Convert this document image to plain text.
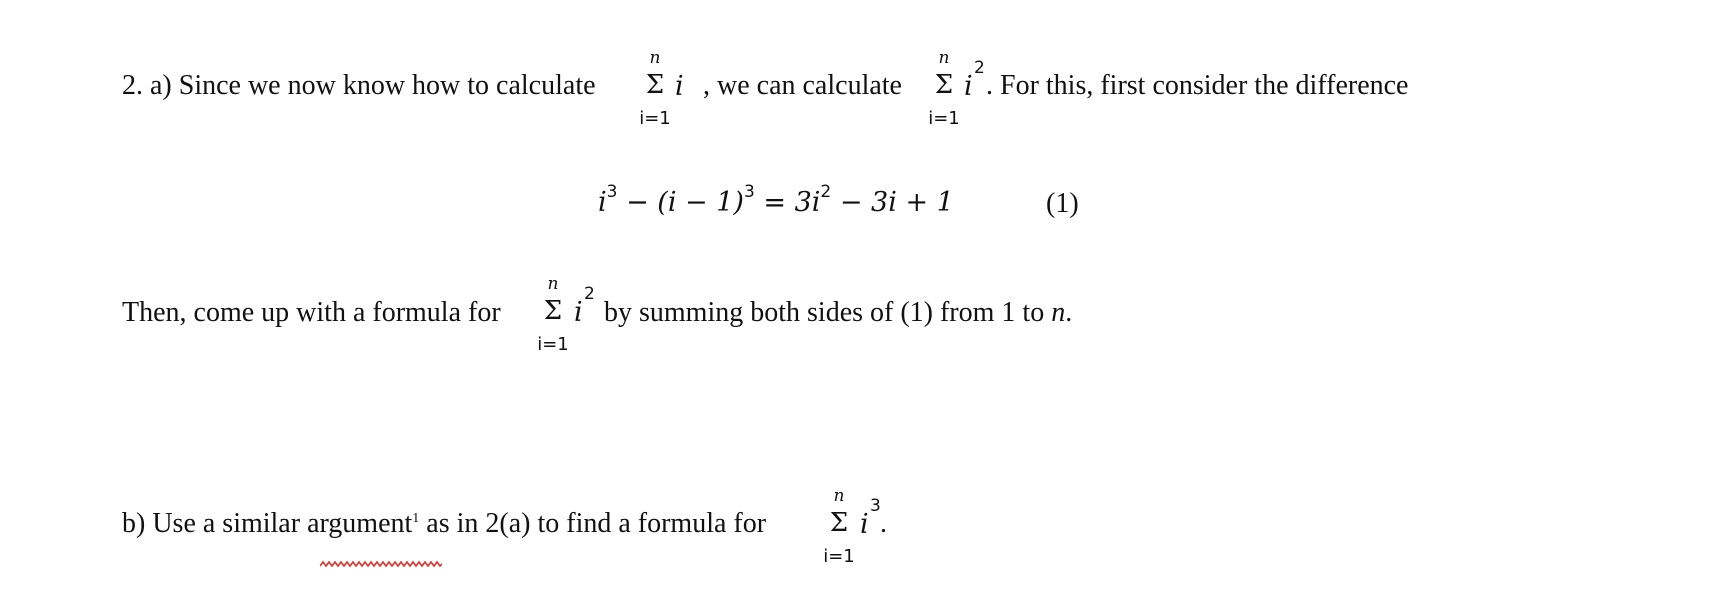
2. a) Since we now know how to calculate
n
Σ
i=1
i , we can calculate
n
Σ
i=1
i
2
. For this, first consider the difference
$i^3 - (i - 1)^3 = 3i^2 - 3i + 1$	(1)
Then, come up with a formula for
n
Σ
i=1
i
2
by summing both sides of (1) from 1 to n.
b) Use a similar argument$^1$ as in 2(a) to find a formula for
n
Σ
i=1
i
3
.
